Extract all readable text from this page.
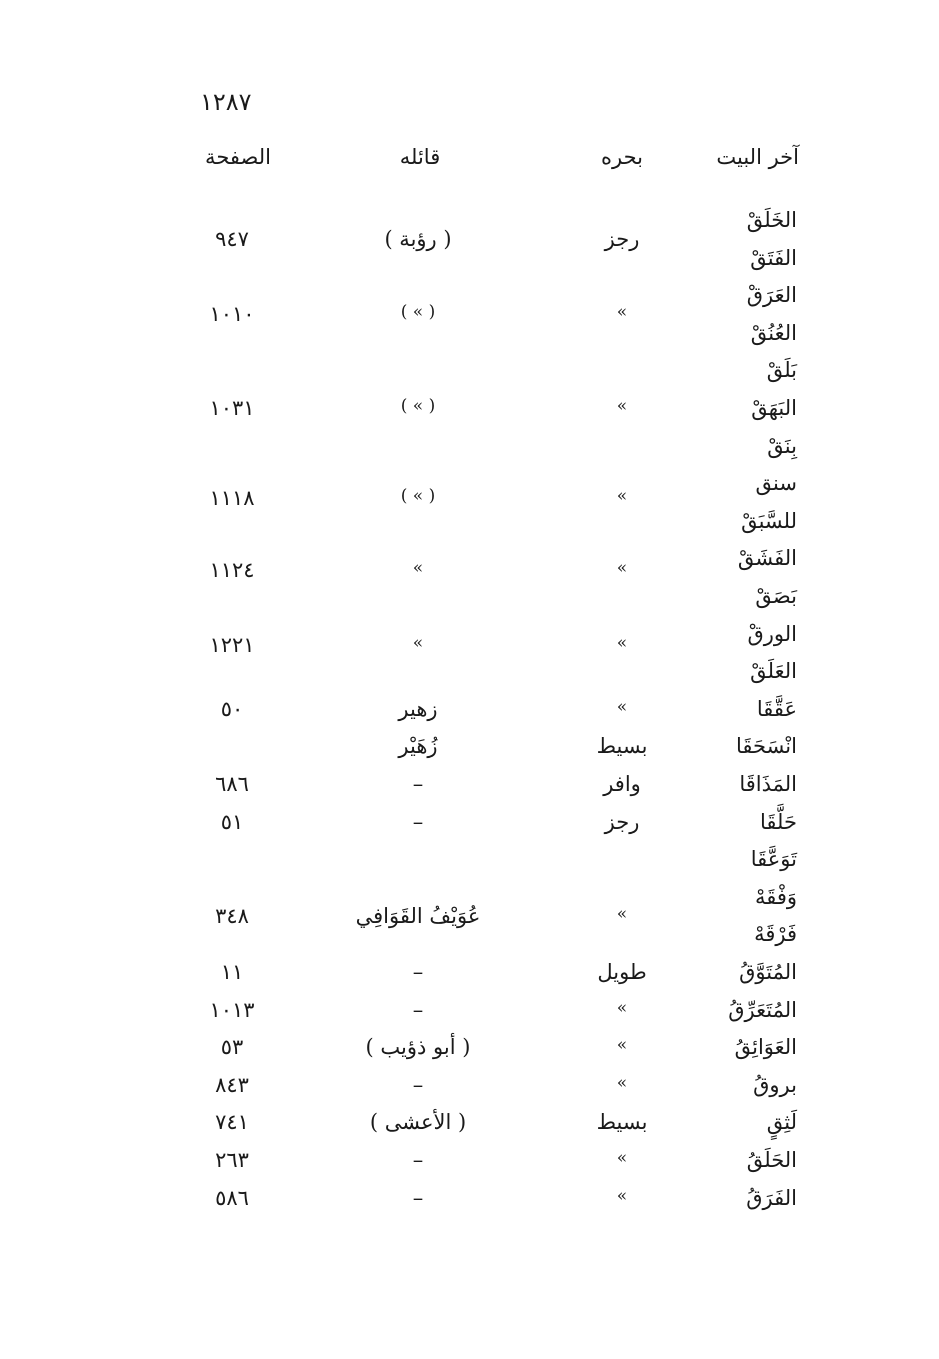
١٢٨٧
آخر البيت
بحره
قائله
الصفحة
الخَلَقْ
الفَتَقْ
العَرَقْ
العُنُقْ
بَلَقْ
البَهَقْ
بِنَقْ
سنق
للسَّبَقْ
الفَشَقْ
بَصَقْ
الورقْ
العَلَقْ
عَقَّقَا
انْسَحَقَا
المَذَاقَا
حَلَّقَا
تَوَعَّقَا
وَفْقَهْ
فَرْقَهْ
المُتَوَّقُ
المُتَعَرِّقُ
العَوَائِقُ
بروقُ
لَثِقٍ
الحَلَقُ
الفَرَقُ
رجز
»
»
»
»
»
»
بسيط
وافر
رجز
»
طويل
»
»
»
بسيط
»
»
( رؤبة )
( » )
( » )
( » )
»
»
زهير
زُهَيْر
–
–
عُوَيْفُ القَوَافِي
–
–
( أبو ذؤيب )
–
( الأعشى )
–
–
٩٤٧
١٠١٠
١٠٣١
١١١٨
١١٢٤
١٢٢١
٥٠
٦٨٦
٥١
٣٤٨
١١
١٠١٣
٥٣
٨٤٣
٧٤١
٢٦٣
٥٨٦
